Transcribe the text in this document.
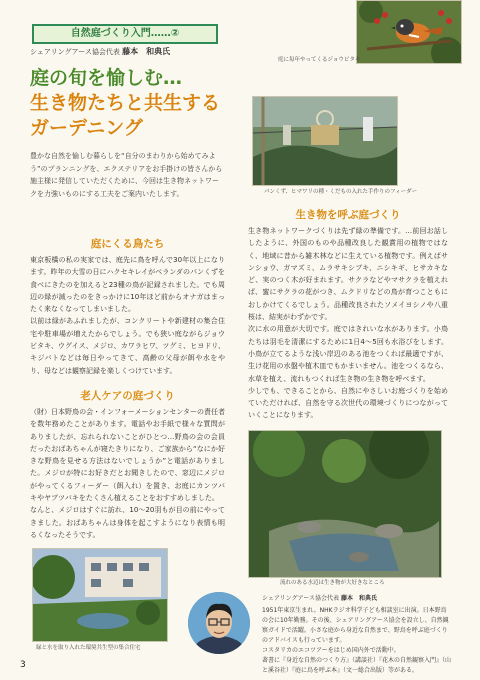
自然庭づくり入門……②
シェアリングアース協会代表 藤本　和典氏
庭の旬を愉しむ…
生き物たちと共生する
ガーデニング
豊かな自然を愉しむ暮らしを“自分のまわりから始めてみよう”のプランニングを、エクステリアをお手掛けの皆さんから施主様に発信していただくために、今回は生き物ネットワークを力強いものにする工夫をご案内いたします。
庭に毎年やってくるジョウビタキ
パンくず、ヒマワリの種・くだもの入れた手作りのフィーダー
庭にくる鳥たち
東京板橋の私の実家では、庭先に鳥を呼んで30年以上になります。昨年の大雪の日にハクセキレイがベランダのパンくずを食べにきたのを加えると23種の鳥が記録されました。でも周辺の緑が減ったのをきっかけに10年ほど前からオナガはまったく来なくなってしまいました。
以前は緑があふれましたが、コンクリートや新建材の集合住宅や駐車場が増えたからでしょう。でも狭い庭ながらジョウビタキ、ウグイス、メジロ、カワラヒワ、ツグミ、ヒヨドリ、キジバトなどは毎日やってきて、高齢の父母が餌や水をやり、母などは観察記録を楽しくつけています。
老人ケアの庭づくり
（財）日本野鳥の会・インフォーメーションセンターの責任者を数年務めたことがあります。電話やお手紙で様々な質問がありましたが、忘れられないことがひとつ…野鳥の会の会員だったおばあちゃんが寝たきりになり、ご家族から“なにか好きな野鳥を見せる方法はないでしょうか”と電話がありました。メジロが特にお好きだとお聞きしたので、窓辺にメジロがやってくるフィーダー（餌入れ）を置き、お庭にカンツバキやヤブツバキをたくさん植えることをおすすめしました。
なんと、メジロはすぐに訪れ、10〜20羽もが目の前にやってきました。おばあちゃんは身体を起こすようになり表情も明るくなったそうです。
生き物を呼ぶ庭づくり
生き物ネットワークづくりは先ず緑の準備です。…前回お話ししたように、外国のものや品種改良した観賞用の植物ではなく、地域に昔から雑木林などに生えている植物です。例えばサンショウ、ガマズミ、ムラサキシブキ、ニシキギ、ヒサカキなど、実のつく木が好まれます。サクラなどやマサクラを植えれば、蜜にサクラの花がつき、ムクドリなどの鳥が育つこともにおしかけてくるでしょう。品種改良されたソメイヨシノや八重桜は、結実がわずかです。
次に水の用意が大切です。庭ではきれいな水があります。小鳥たちは羽毛を清潔にするために1日4〜5回も水浴びをします。小鳥が立てるような浅い岸辺のある池をつくれば最適ですが、生け花用の水盤や植木皿でもかまいません。池をつくるなら、水草を植え、流れもつくれば生き物の生き物を呼べます。
少しでも、できることから、自然にやさしいお庭づくりを始めていただければ、自然を守る次世代の環境づくりにつながっていくことになります。
流れのある水辺は生き物が大好きなところ
緑と水を取り入れた環境共生型の集合住宅
シェアリングアース協会代表 藤本　和典氏
1951年東京生まれ。NHKラジオ科学子ども相談室に出演。日本野鳥の会に10年勤務。その後、シェアリングアース協会を設立し、自然観察ガイドで活躍。小さな庭から身近な自然まで、野鳥を呼ぶ庭づくりのアドバイスも行っています。
コスタリカのエコツアーをはじめ国内外で活動中。
著書に『身近な自然のつくり方』（講談社）『花木の自然観察入門』（山と溪谷社）『庭に鳥を呼ぶ本』（文一総合出版）等がある。
3
